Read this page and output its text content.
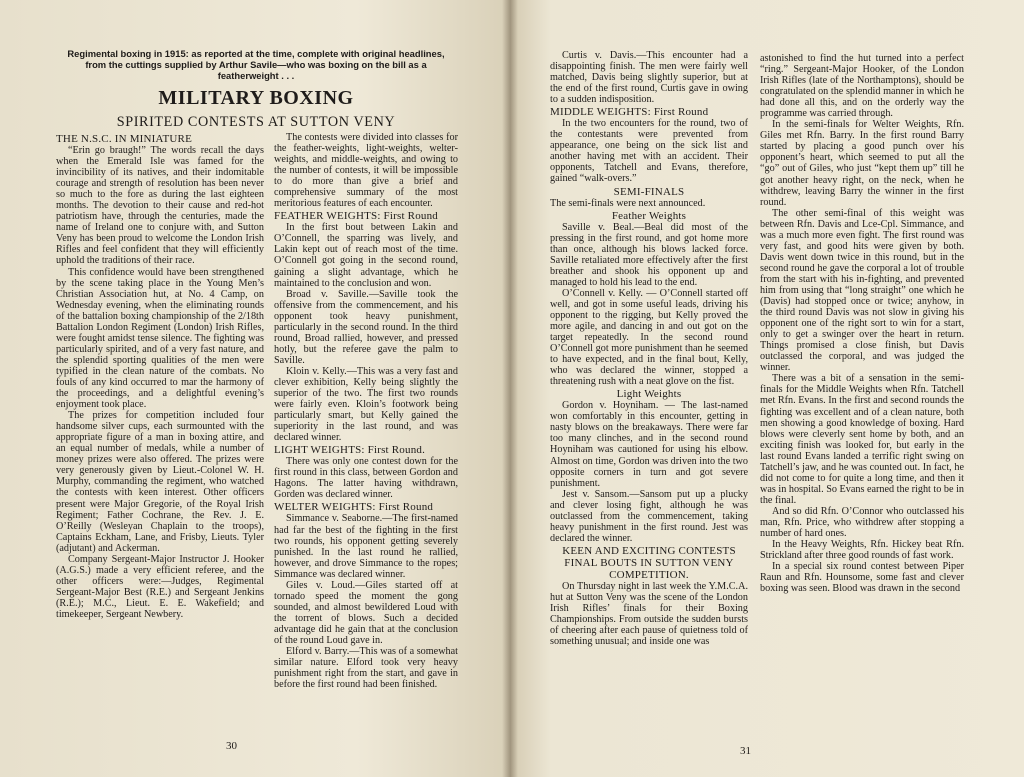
Regimental boxing in 1915: as reported at the time, complete with original headlines, from the cuttings supplied by Arthur Savile—who was boxing on the bill as a featherweight . . .
MILITARY BOXING
SPIRITED CONTESTS AT SUTTON VENY
THE N.S.C. IN MINIATURE

“Erin go braugh!” The words recall the days when the Emerald Isle was famed for the invincibility of its natives, and their indomitable courage and strength of resolution has been never so much to the fore as during the last eighteen months. The devotion to their cause and red-hot patriotism have, through the centuries, made the name of Ireland one to conjure with, and Sutton Veny has been proud to welcome the London Irish Rifles and feel confident that they will efficiently uphold the traditions of their race.

This confidence would have been strengthened by the scene taking place in the Young Men’s Christian Association hut, at No. 4 Camp, on Wednesday evening, when the eliminating rounds of the battalion boxing championship of the 2/18th Battalion London Regiment (London) Irish Rifles, were fought amidst tense silence. The fighting was particularly spirited, and of a very fast nature, and the splendid sporting qualities of the men were typified in the clean nature of the combats. No fouls of any kind occurred to mar the harmony of the proceedings, and a delightful evening’s enjoyment took place.

The prizes for competition included four handsome silver cups, each surmounted with the appropriate figure of a man in boxing attire, and an equal number of medals, while a number of money prizes were also offered. The prizes were very generously given by Lieut.-Colonel W. H. Murphy, commanding the regiment, who watched the contests with keen interest. Other officers present were Major Gregorie, of the Royal Irish Regiment; Father Cochrane, the Rev. J. E. O’Reilly (Wesleyan Chaplain to the troops), Captains Eckham, Lane, and Frisby, Lieuts. Tyler (adjutant) and Ackerman.

Company Sergeant-Major Instructor J. Hooker (A.G.S.) made a very efficient referee, and the other officers were:—Judges, Regimental Sergeant-Major Best (R.E.) and Sergeant Jenkins (R.E.); M.C., Lieut. E. E. Wakefield; and timekeeper, Sergeant Newbery.

The contests were divided into classes for the feather-weights, light-weights, welter-weights, and middle-weights, and owing to the number of contests, it will be impossible to do more than give a brief and comprehensive summary of the most meritorious features of each encounter.

FEATHER WEIGHTS: First Round

In the first bout between Lakin and O’Connell, the sparring was lively, and Lakin kept out of reach most of the time. O’Connell got going in the second round, gaining a slight advantage, which he maintained to the conclusion and won.

Broad v. Saville.—Saville took the offensive from the commencement, and his opponent took heavy punishment, particularly in the second round. In the third round, Broad rallied, however, and pressed hotly, but the referee gave the palm to Saville.

Kloin v. Kelly.—This was a very fast and clever exhibition, Kelly being slightly the superior of the two. The first two rounds were fairly even. Kloin’s footwork being particularly smart, but Kelly gained the superiority in the last round, and was declared winner.

LIGHT WEIGHTS: First Round.

There was only one contest down for the first round in this class, between Gordon and Hagons. The latter having withdrawn, Gorden was declared winner.

WELTER WEIGHTS: First Round

Simmance v. Seaborne.—The first-named had far the best of the fighting in the first two rounds, his opponent getting severely punished. In the last round he rallied, however, and drove Simmance to the ropes; Simmance was declared winner.

Giles v. Loud.—Giles started off at tornado speed the moment the gong sounded, and almost bewildered Loud with the torrent of blows. Such a decided advantage did he gain that at the conclusion of the round Loud gave in.

Elford v. Barry.—This was of a somewhat similar nature. Elford took very heavy punishment right from the start, and gave in before the first round had been finished.

30

Curtis v. Davis.—This encounter had a disappointing finish. The men were fairly well matched, Davis being slightly superior, but at the end of the first round, Curtis gave in owing to a sudden indisposition.

MIDDLE WEIGHTS: First Round

In the two encounters for the round, two of the contestants were prevented from appearance, one being on the sick list and another having met with an accident. Their opponents, Tatchell and Evans, therefore, gained “walk-overs.”

SEMI-FINALS

The semi-finals were next announced.

Feather Weights

Saville v. Beal.—Beal did most of the pressing in the first round, and got home more than once, although his blows lacked force. Saville retaliated more effectively after the first breather and shook his opponent up and managed to hold his lead to the end.

O’Connell v. Kelly. — O’Connell started off well, and got in some useful leads, driving his opponent to the rigging, but Kelly proved the more agile, and dancing in and out got on the target repeatedly. In the second round O’Connell got more punishment than he seemed to have expected, and in the final bout, Kelly, who was declared the winner, stopped a threatening rush with a neat glove on the fist.

Light Weights

Gordon v. Hoyniham. — The last-named won comfortably in this encounter, getting in nasty blows on the breakaways. There were far too many clinches, and in the second round Hoyniham was cautioned for using his elbow. Almost on time, Gordon was driven into the two opposite corners in turn and got severe punishment.

Jest v. Sansom.—Sansom put up a plucky and clever losing fight, although he was outclassed from the commencement, taking heavy punishment in the first round. Jest was declared the winner.

KEEN AND EXCITING CONTESTS FINAL BOUTS IN SUTTON VENY COMPETITION.

On Thursday night in last week the Y.M.C.A. hut at Sutton Veny was the scene of the London Irish Rifles’ finals for their Boxing Championships. From outside the sudden bursts of cheering after each pause of quietness told of something unusual; and inside one was

astonished to find the hut turned into a perfect “ring.” Sergeant-Major Hooker, of the London Irish Rifles (late of the Northamptons), should be congratulated on the splendid manner in which he had done all this, and on the orderly way the programme was carried through.

In the semi-finals for Welter Weights, Rfn. Giles met Rfn. Barry. In the first round Barry started by placing a good punch over his opponent’s heart, which seemed to put all the “go” out of Giles, who just “kept them up” till he got another heavy right, on the neck, when he withdrew, leaving Barry the winner in the first round.

The other semi-final of this weight was between Rfn. Davis and Lce-Cpl. Simmance, and was a much more even fight. The first round was very fast, and good hits were given by both. Davis went down twice in this round, but in the second round he gave the corporal a lot of trouble from the start with his in-fighting, and prevented him from using that “long straight” one which he (Davis) had stopped once or twice; anyhow, in the third round Davis was not slow in giving his opponent one of the right sort to win for a start, only to get a swinger over the heart in return. Things promised a close finish, but Davis outclassed the corporal, and was judged the winner.

There was a bit of a sensation in the semi-finals for the Middle Weights when Rfn. Tatchell met Rfn. Evans. In the first and second rounds the fighting was excellent and of a clean nature, both men showing a good knowledge of boxing. Hard blows were cleverly sent home by both, and an exciting finish was looked for, but early in the last round Evans landed a terrific right swing on Tatchell’s jaw, and he was counted out. In fact, he did not come to for quite a long time, and then it was in hospital. So Evans earned the right to be in the final.

And so did Rfn. O’Connor who outclassed his man, Rfn. Price, who withdrew after stopping a number of hard ones.

In the Heavy Weights, Rfn. Hickey beat Rfn. Strickland after three good rounds of fast work.

In a special six round contest between Piper Raun and Rfn. Hounsome, some fast and clever boxing was seen. Blood was drawn in the second

31
